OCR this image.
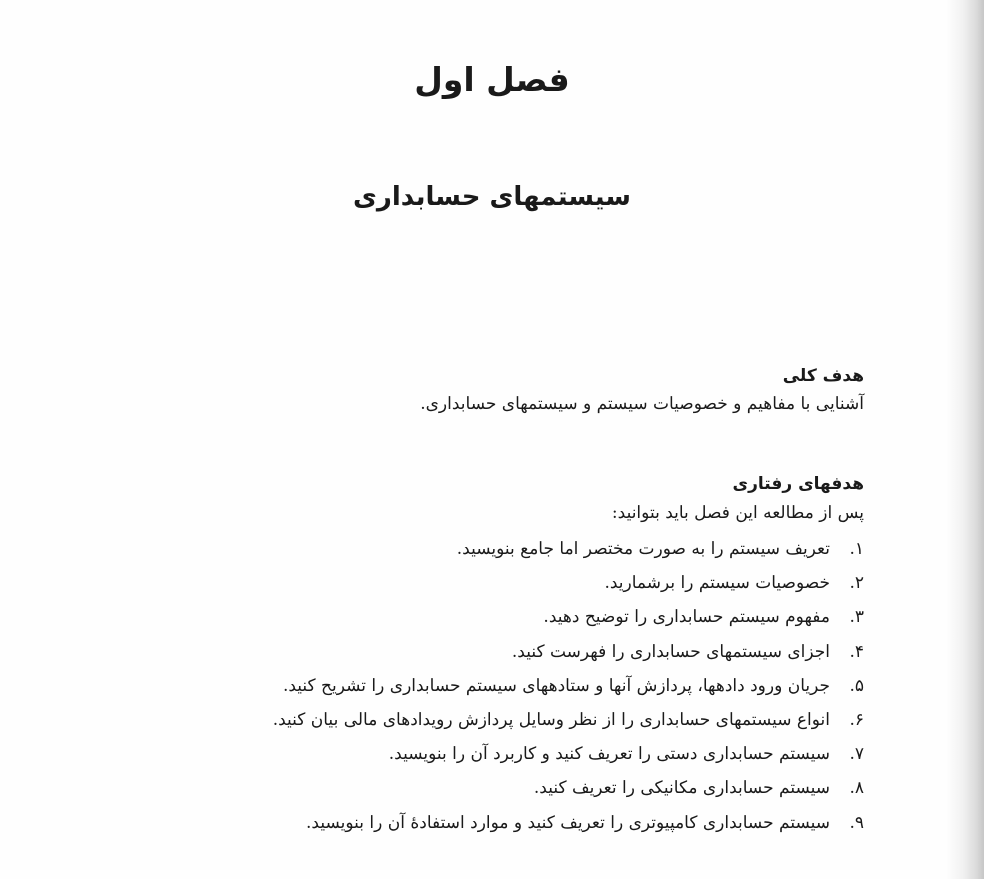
فصل اول
سیستمهای حسابداری
هدف کلی

آشنایی با مفاهیم و خصوصیات سیستم و سیستمهای حسابداری.

هدفهای رفتاری

پس از مطالعه این فصل باید بتوانید:

۱.
تعریف سیستم را به صورت مختصر اما جامع بنویسید.
۲.
خصوصیات سیستم را برشمارید.
۳.
مفهوم سیستم حسابداری را توضیح دهید.
۴.
اجزای سیستمهای حسابداری را فهرست کنید.
۵.
جریان ورود دادهها، پردازش آنها و ستادههای سیستم حسابداری را تشریح کنید.
۶.
انواع سیستمهای حسابداری را از نظر وسایل پردازش رویدادهای مالی بیان کنید.
۷.
سیستم حسابداری دستی را تعریف کنید و کاربرد آن را بنویسید.
۸.
سیستم حسابداری مکانیکی را تعریف کنید.
۹.
سیستم حسابداری کامپیوتری را تعریف کنید و موارد استفادهٔ آن را بنویسید.
